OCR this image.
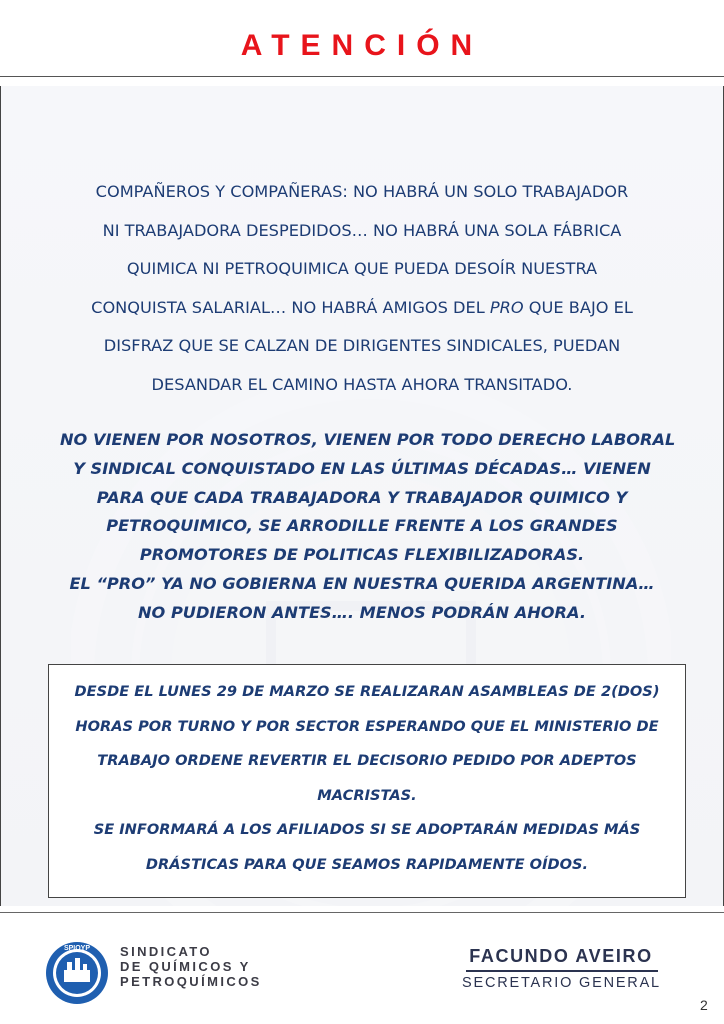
ATENCIÓN
COMPAÑEROS Y COMPAÑERAS: NO HABRÁ UN SOLO TRABAJADOR
NI TRABAJADORA DESPEDIDOS… NO HABRÁ UNA SOLA FÁBRICA
QUIMICA NI PETROQUIMICA QUE PUEDA DESOÍR NUESTRA
CONQUISTA SALARIAL… NO HABRÁ AMIGOS DEL PRO QUE BAJO EL
DISFRAZ QUE SE CALZAN DE DIRIGENTES SINDICALES, PUEDAN
DESANDAR EL CAMINO HASTA AHORA TRANSITADO.
NO VIENEN POR NOSOTROS, VIENEN POR TODO DERECHO LABORAL
Y SINDICAL CONQUISTADO EN LAS ÚLTIMAS DÉCADAS… VIENEN
PARA QUE CADA TRABAJADORA Y TRABAJADOR QUIMICO Y
PETROQUIMICO, SE ARRODILLE FRENTE A LOS GRANDES
PROMOTORES DE POLITICAS FLEXIBILIZADORAS.
EL “PRO” YA NO GOBIERNA EN NUESTRA QUERIDA ARGENTINA…
NO PUDIERON ANTES…. MENOS PODRÁN AHORA.
DESDE EL LUNES 29 DE MARZO SE REALIZARAN ASAMBLEAS DE 2(DOS)
HORAS POR TURNO Y POR SECTOR ESPERANDO QUE EL MINISTERIO DE
TRABAJO ORDENE REVERTIR EL DECISORIO PEDIDO POR ADEPTOS
MACRISTAS.
SE INFORMARÁ A LOS AFILIADOS SI SE ADOPTARÁN MEDIDAS MÁS
DRÁSTICAS PARA QUE SEAMOS RAPIDAMENTE OÍDOS.
SPIQYP SINDICATO
DE QUÍMICOS Y
PETROQUÍMICOS
FACUNDO AVEIRO
SECRETARIO GENERAL
2
